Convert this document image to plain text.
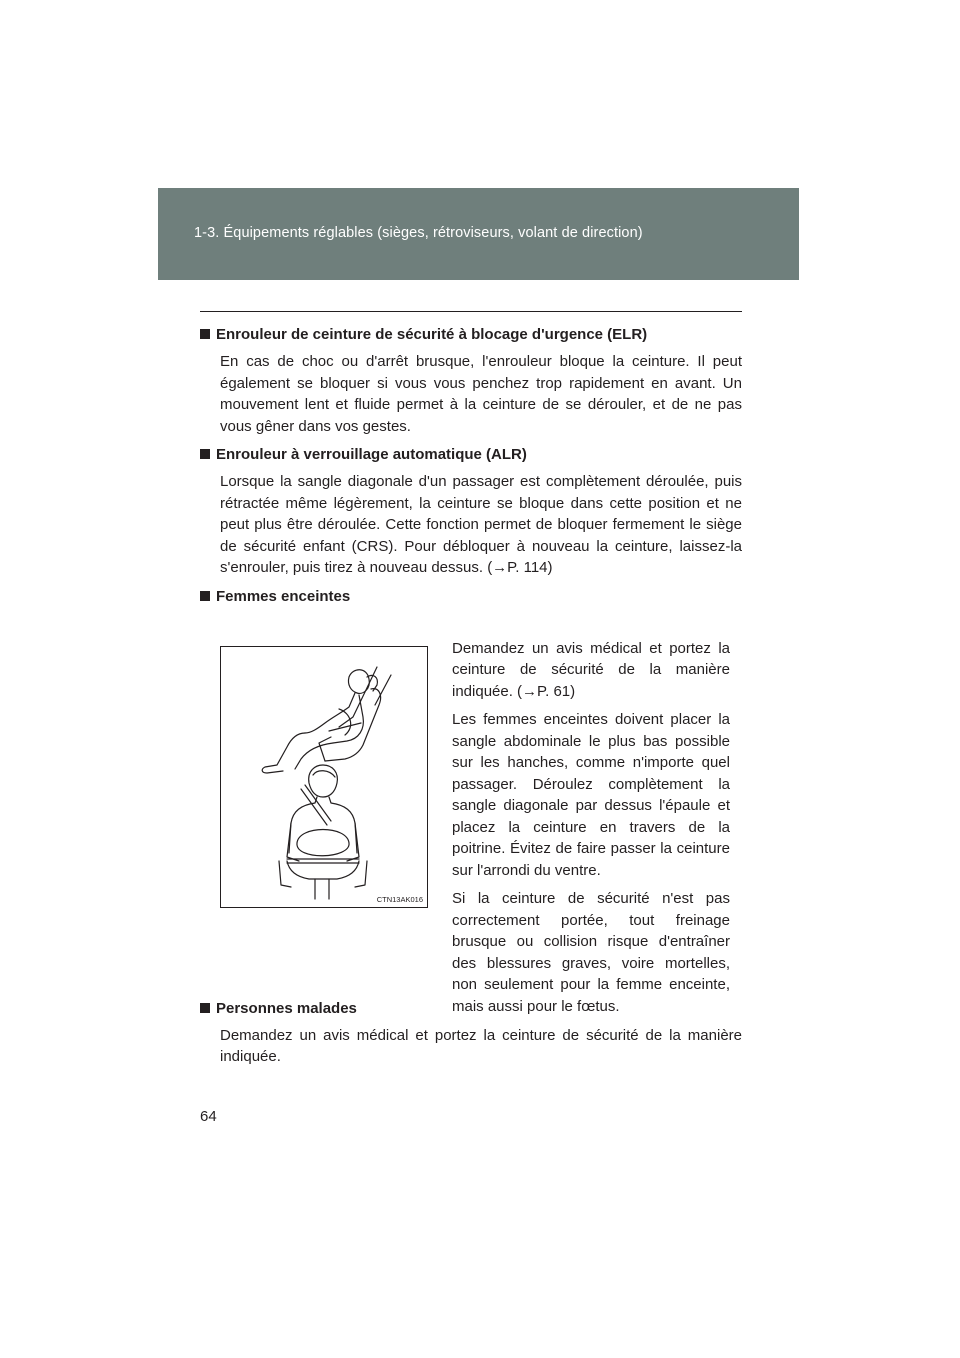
1-3. Équipements réglables (sièges, rétroviseurs, volant de direction)
Enrouleur de ceinture de sécurité à blocage d'urgence (ELR)

En cas de choc ou d'arrêt brusque, l'enrouleur bloque la ceinture. Il peut également se bloquer si vous vous penchez trop rapidement en avant. Un mouvement lent et fluide permet à la ceinture de se dérouler, et de ne pas vous gêner dans vos gestes.

Enrouleur à verrouillage automatique (ALR)

Lorsque la sangle diagonale d'un passager est complètement déroulée, puis rétractée même légèrement, la ceinture se bloque dans cette position et ne peut plus être déroulée. Cette fonction permet de bloquer fermement le siège de sécurité enfant (CRS). Pour débloquer à nouveau la ceinture, laissez-la s'enrouler, puis tirez à nouveau dessus. (→P. 114)

Femmes enceintes
CTN13AK016

Demandez un avis médical et portez la ceinture de sécurité de la manière indiquée. (→P. 61)

Les femmes enceintes doivent placer la sangle abdominale le plus bas possible sur les hanches, comme n'importe quel passager. Déroulez complètement la sangle diagonale par dessus l'épaule et placez la ceinture en travers de la poitrine. Évitez de faire passer la ceinture sur l'arrondi du ventre.

Si la ceinture de sécurité n'est pas correctement portée, tout freinage brusque ou collision risque d'entraîner des blessures graves, voire mortelles, non seulement pour la femme enceinte, mais aussi pour le fœtus.

Personnes malades

Demandez un avis médical et portez la ceinture de sécurité de la manière indiquée.

64
